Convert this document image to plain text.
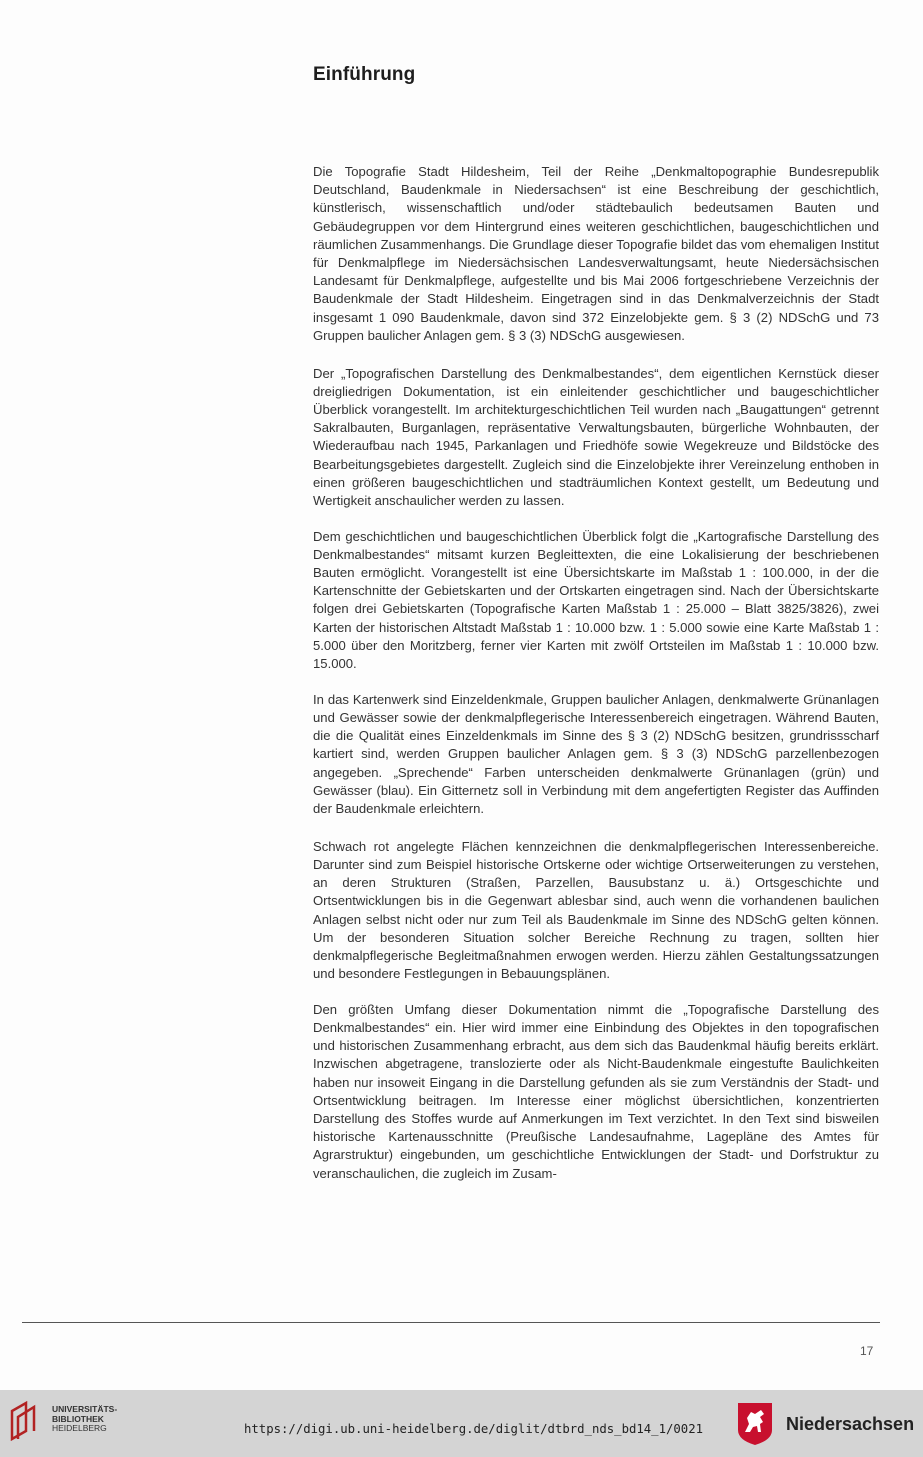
Einführung

Die Topografie Stadt Hildesheim, Teil der Reihe „Denkmaltopographie Bundesrepublik Deutschland, Baudenkmale in Niedersachsen“ ist eine Beschreibung der geschichtlich, künstlerisch, wissenschaftlich und/oder städtebaulich bedeutsamen Bauten und Gebäudegruppen vor dem Hintergrund eines weiteren geschichtlichen, baugeschichtlichen und räumlichen Zusammenhangs. Die Grundlage dieser Topografie bildet das vom ehemaligen Institut für Denkmalpflege im Niedersächsischen Landesverwaltungsamt, heute Niedersächsischen Landesamt für Denkmalpflege, aufgestellte und bis Mai 2006 fortgeschriebene Verzeichnis der Baudenkmale der Stadt Hildesheim. Eingetragen sind in das Denkmalverzeichnis der Stadt insgesamt 1 090 Baudenkmale, davon sind 372 Einzelobjekte gem. § 3 (2) NDSchG und 73 Gruppen baulicher Anlagen gem. § 3 (3) NDSchG ausgewiesen.

Der „Topografischen Darstellung des Denkmalbestandes“, dem eigentlichen Kernstück dieser dreigliedrigen Dokumentation, ist ein einleitender geschichtlicher und baugeschichtlicher Überblick vorangestellt. Im architekturgeschichtlichen Teil wurden nach „Baugattungen“ getrennt Sakralbauten, Burganlagen, repräsentative Verwaltungsbauten, bürgerliche Wohnbauten, der Wiederaufbau nach 1945, Parkanlagen und Friedhöfe sowie Wegekreuze und Bildstöcke des Bearbeitungsgebietes dargestellt. Zugleich sind die Einzelobjekte ihrer Vereinzelung enthoben in einen größeren baugeschichtlichen und stadträumlichen Kontext gestellt, um Bedeutung und Wertigkeit anschaulicher werden zu lassen.

Dem geschichtlichen und baugeschichtlichen Überblick folgt die „Kartografische Darstellung des Denkmalbestandes“ mitsamt kurzen Begleittexten, die eine Lokalisierung der beschriebenen Bauten ermöglicht. Vorangestellt ist eine Übersichtskarte im Maßstab 1 : 100.000, in der die Kartenschnitte der Gebietskarten und der Ortskarten eingetragen sind. Nach der Übersichtskarte folgen drei Gebietskarten (Topografische Karten Maßstab 1 : 25.000 – Blatt 3825/3826), zwei Karten der historischen Altstadt Maßstab 1 : 10.000 bzw. 1 : 5.000 sowie eine Karte Maßstab 1 : 5.000 über den Moritzberg, ferner vier Karten mit zwölf Ortsteilen im Maßstab 1 : 10.000 bzw. 15.000.

In das Kartenwerk sind Einzeldenkmale, Gruppen baulicher Anlagen, denkmalwerte Grünanlagen und Gewässer sowie der denkmalpflegerische Interessenbereich eingetragen. Während Bauten, die die Qualität eines Einzeldenkmals im Sinne des § 3 (2) NDSchG besitzen, grundrissscharf kartiert sind, werden Gruppen baulicher Anlagen gem. § 3 (3) NDSchG parzellenbezogen angegeben. „Sprechende“ Farben unterscheiden denkmalwerte Grünanlagen (grün) und Gewässer (blau). Ein Gitternetz soll in Verbindung mit dem angefertigten Register das Auffinden der Baudenkmale erleichtern.

Schwach rot angelegte Flächen kennzeichnen die denkmalpflegerischen Interessenbereiche. Darunter sind zum Beispiel historische Ortskerne oder wichtige Ortserweiterungen zu verstehen, an deren Strukturen (Straßen, Parzellen, Bausubstanz u. ä.) Ortsgeschichte und Ortsentwicklungen bis in die Gegenwart ablesbar sind, auch wenn die vorhandenen baulichen Anlagen selbst nicht oder nur zum Teil als Baudenkmale im Sinne des NDSchG gelten können. Um der besonderen Situation solcher Bereiche Rechnung zu tragen, sollten hier denkmalpflegerische Begleitmaßnahmen erwogen werden. Hierzu zählen Gestaltungssatzungen und besondere Festlegungen in Bebauungsplänen.

Den größten Umfang dieser Dokumentation nimmt die „Topografische Darstellung des Denkmalbestandes“ ein. Hier wird immer eine Einbindung des Objektes in den topografischen und historischen Zusammenhang erbracht, aus dem sich das Baudenkmal häufig bereits erklärt. Inzwischen abgetragene, translozierte oder als Nicht-Baudenkmale eingestufte Baulichkeiten haben nur insoweit Eingang in die Darstellung gefunden als sie zum Verständnis der Stadt- und Ortsentwicklung beitragen. Im Interesse einer möglichst übersichtlichen, konzentrierten Darstellung des Stoffes wurde auf Anmerkungen im Text verzichtet. In den Text sind bisweilen historische Kartenausschnitte (Preußische Landesaufnahme, Lagepläne des Amtes für Agrarstruktur) eingebunden, um geschichtliche Entwicklungen der Stadt- und Dorfstruktur zu veranschaulichen, die zugleich im Zusam-

17
UNIVERSITÄTS-
BIBLIOTHEK
HEIDELBERG	https://digi.ub.uni-heidelberg.de/diglit/dtbrd_nds_bd14_1/0021	Niedersachsen
